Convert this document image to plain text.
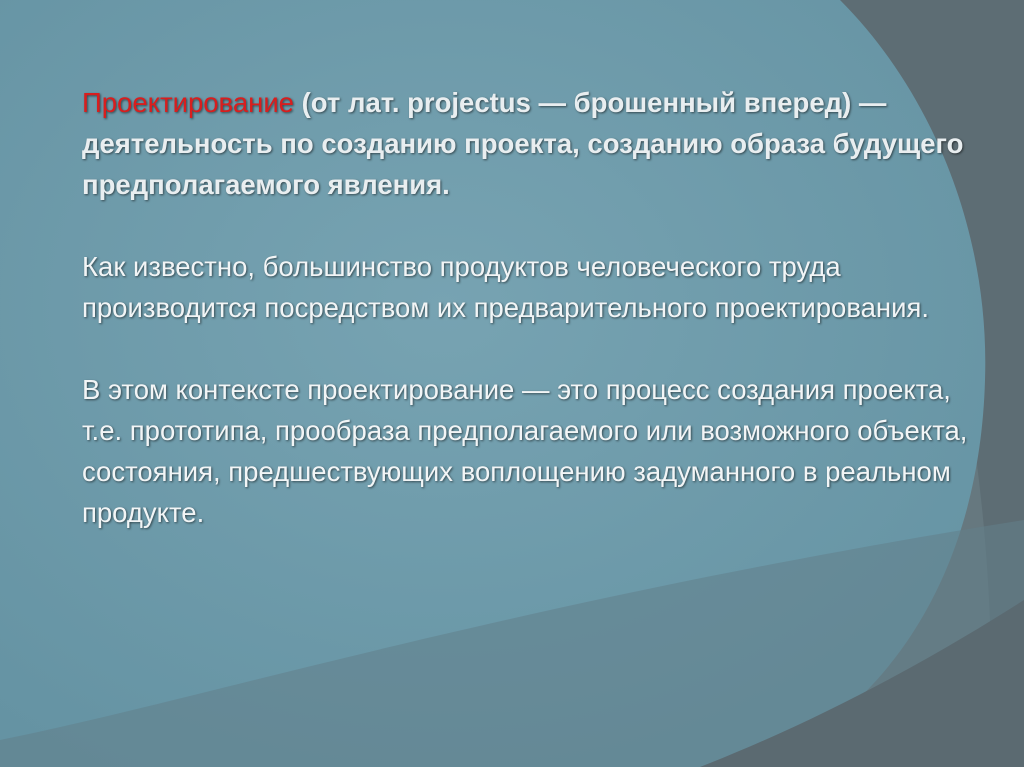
Проектирование (от лат. projectus — брошенный вперед) — деятельность по созданию проекта, созданию образа будущего предполагаемого явления.

Как известно, большинство продуктов человеческого труда производится посредством их предварительного проектирования.

В этом контексте проектирование — это процесс создания проекта, т.е. прототипа, прообраза предполагаемого или возможного объекта, состояния, предшествующих воплощению задуманного в реальном продукте.
